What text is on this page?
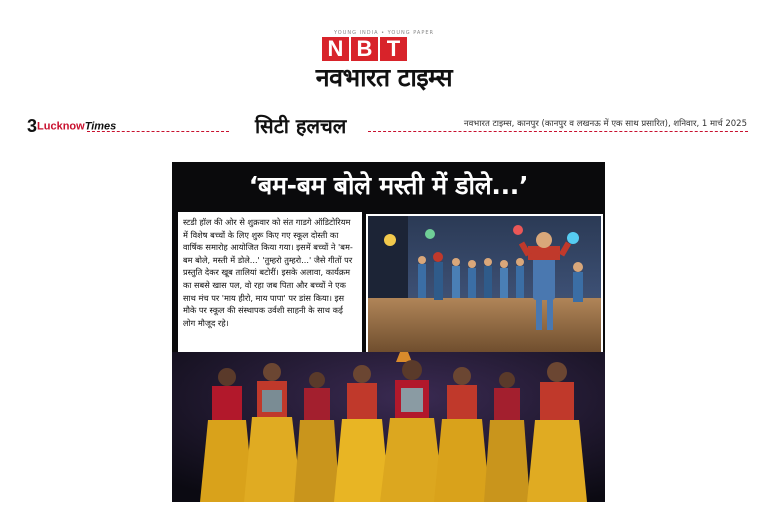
YOUNG INDIA • YOUNG PAPER
N B T
नवभारत टाइम्स
3LucknowTimes	सिटी हलचल	नवभारत टाइम्स, कानपुर (कानपुर व लखनऊ में एक साथ प्रसारित), शनिवार, 1 मार्च 2025
‘बम-बम बोले मस्ती में डोले...’
स्टडी हॉल की ओर से शुक्रवार को संत गाडगे ऑडिटोरियम में विशेष बच्चों के लिए शुरू किए गए स्कूल दोस्ती का वार्षिक समारोह आयोजित किया गया। इसमें बच्चों ने 'बम-बम बोले, मस्ती में डोले...' 'तुम्हरो तुम्हरो...' जैसे गीतों पर प्रस्तुति देकर खूब तालियां बटोरीं। इसके अलावा, कार्यक्रम का सबसे खास पल, वो रहा जब पिता और बच्चों ने एक साथ मंच पर 'माय हीरो, माय पापा' पर डांस किया। इस मौके पर स्कूल की संस्थापक उर्वशी साहनी के साथ कई लोग मौजूद रहे।
